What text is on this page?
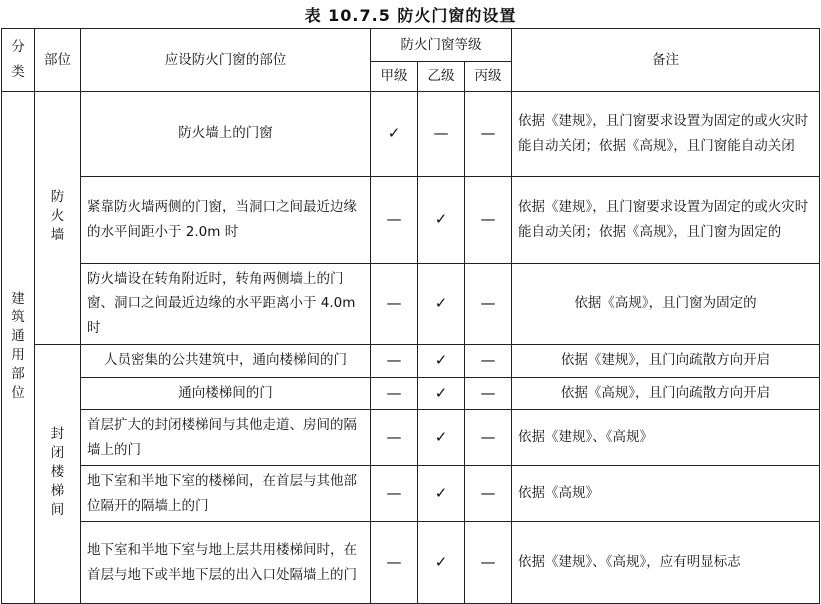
表 10.7.5 防火门窗的设置
分类	部位	应设防火门窗的部位	防火门窗等级			备注
			甲级	乙级	丙级	
建筑通用部位	防火墙	防火墙上的门窗	✓	—	—	依据《建规》，且门窗要求设置为固定的或火灾时能自动关闭；依据《高规》，且门窗能自动关闭
		紧靠防火墙两侧的门窗，当洞口之间最近边缘的水平间距小于 2.0m 时	—	✓	—	依据《建规》，且门窗要求设置为固定的或火灾时能自动关闭；依据《高规》，且门窗为固定的
		防火墙设在转角附近时，转角两侧墙上的门窗、洞口之间最近边缘的水平距离小于 4.0m 时	—	✓	—	依据《高规》，且门窗为固定的
	封闭楼梯间	人员密集的公共建筑中，通向楼梯间的门	—	✓	—	依据《建规》，且门向疏散方向开启
		通向楼梯间的门	—	✓	—	依据《高规》，且门向疏散方向开启
		首层扩大的封闭楼梯间与其他走道、房间的隔墙上的门	—	✓	—	依据《建规》、《高规》
		地下室和半地下室的楼梯间，在首层与其他部位隔开的隔墙上的门	—	✓	—	依据《高规》
		地下室和半地下室与地上层共用楼梯间时，在首层与地下或半地下层的出入口处隔墙上的门	—	✓	—	依据《建规》、《高规》，应有明显标志
